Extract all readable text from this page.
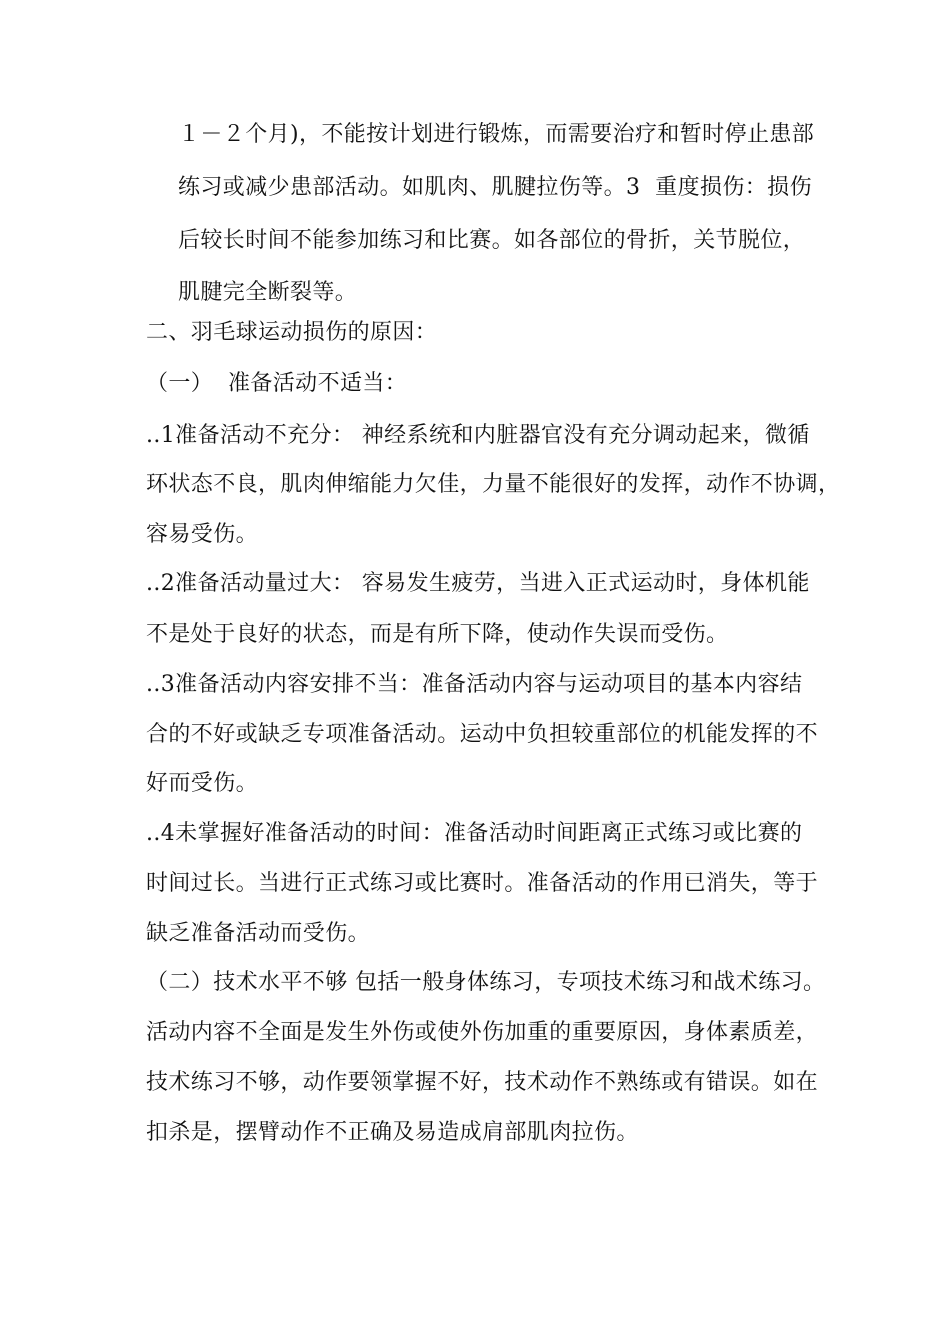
１－２个月)，不能按计划进行锻炼，而需要治疗和暂时停止患部
练习或减少患部活动。如肌肉、肌腱拉伤等。3  重度损伤：损伤
后较长时间不能参加练习和比赛。如各部位的骨折，关节脱位，
肌腱完全断裂等。
二、羽毛球运动损伤的原因：
（一）  准备活动不适当：
..1准备活动不充分： 神经系统和内脏器官没有充分调动起来，微循
环状态不良，肌肉伸缩能力欠佳，力量不能很好的发挥，动作不协调，
容易受伤。
..2准备活动量过大： 容易发生疲劳，当进入正式运动时，身体机能
不是处于良好的状态，而是有所下降，使动作失误而受伤。
..3准备活动内容安排不当：准备活动内容与运动项目的基本内容结
合的不好或缺乏专项准备活动。运动中负担较重部位的机能发挥的不
好而受伤。
..4未掌握好准备活动的时间：准备活动时间距离正式练习或比赛的
时间过长。当进行正式练习或比赛时。准备活动的作用已消失，等于
缺乏准备活动而受伤。
（二）技术水平不够 包括一般身体练习，专项技术练习和战术练习。
活动内容不全面是发生外伤或使外伤加重的重要原因，身体素质差，
技术练习不够，动作要领掌握不好，技术动作不熟练或有错误。如在
扣杀是，摆臂动作不正确及易造成肩部肌肉拉伤。
